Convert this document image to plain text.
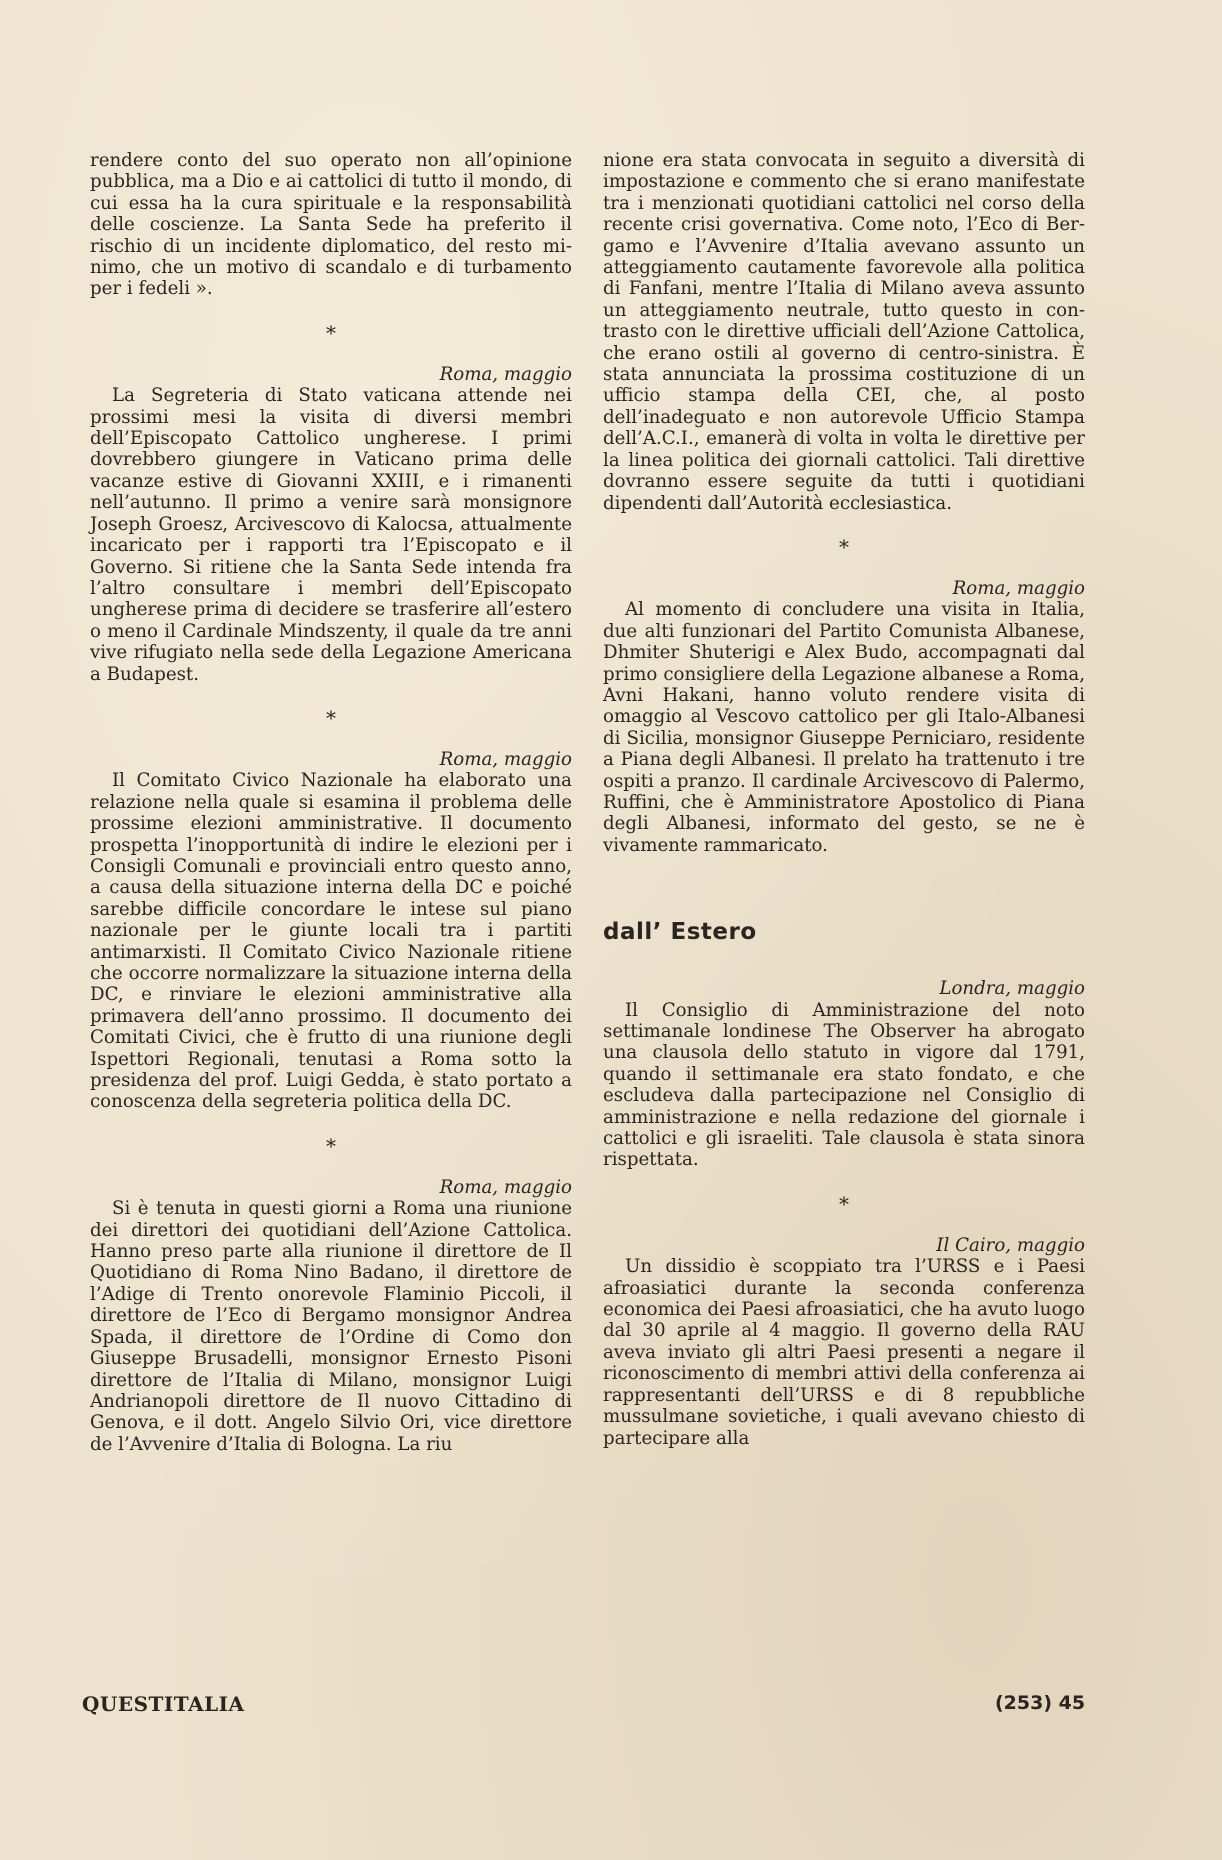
rendere conto del suo operato non all’opinione pubblica, ma a Dio e ai cattolici di tutto il mondo, di cui essa ha la cura spirituale e la responsabilità delle coscienze. La Santa Sede ha preferito il rischio di un incidente diplomatico, del resto minimo, che un motivo di scandalo e di turbamento per i fedeli ».

*

Roma, maggio

La Segreteria di Stato vaticana attende nei prossimi mesi la visita di diversi membri dell’Episcopato Cattolico ungherese. I primi dovrebbero giungere in Vaticano prima delle vacanze estive di Giovanni XXIII, e i rimanenti nell’autunno. Il primo a venire sarà monsignore Joseph Groesz, Arcivescovo di Kalocsa, attualmente incaricato per i rapporti tra l’Episcopato e il Governo. Si ritiene che la Santa Sede intenda fra l’altro consultare i membri dell’Episcopato ungherese prima di decidere se trasferire all’estero o meno il Cardinale Mindszenty, il quale da tre anni vive rifugiato nella sede della Legazione Americana a Budapest.

*

Roma, maggio

Il Comitato Civico Nazionale ha elaborato una relazione nella quale si esamina il problema delle prossime elezioni amministrative. Il documento prospetta l’inopportunità di indire le elezioni per i Consigli Comunali e provinciali entro questo anno, a causa della situazione interna della DC e poiché sarebbe difficile concordare le intese sul piano nazionale per le giunte locali tra i partiti antimarxisti. Il Comitato Civico Nazionale ritiene che occorre normalizzare la situazione interna della DC, e rinviare le elezioni amministrative alla primavera dell’anno prossimo. Il documento dei Comitati Civici, che è frutto di una riunione degli Ispettori Regionali, tenutasi a Roma sotto la presidenza del prof. Luigi Gedda, è stato portato a conoscenza della segreteria politica della DC.

*

Roma, maggio

Si è tenuta in questi giorni a Roma una riunione dei direttori dei quotidiani dell’Azione Cattolica. Hanno preso parte alla riunione il direttore de Il Quotidiano di Roma Nino Badano, il direttore de l’Adige di Trento onorevole Flaminio Piccoli, il direttore de l’Eco di Bergamo monsignor Andrea Spada, il direttore de l’Ordine di Como don Giuseppe Brusadelli, monsignor Ernesto Pisoni direttore de l’Italia di Milano, monsignor Luigi Andrianopoli direttore de Il nuovo Cittadino di Genova, e il dott. Angelo Silvio Ori, vice direttore de l’Avvenire d’Italia di Bologna. La riu

nione era stata convocata in seguito a diversità di impostazione e commento che si erano manifestate tra i menzionati quotidiani cattolici nel corso della recente crisi governativa. Come noto, l’Eco di Bergamo e l’Avvenire d’Italia avevano assunto un atteggiamento cautamente favorevole alla politica di Fanfani, mentre l’Italia di Milano aveva assunto un atteggiamento neutrale, tutto questo in contrasto con le direttive ufficiali dell’Azione Cattolica, che erano ostili al governo di centro-sinistra. È stata annunciata la prossima costituzione di un ufficio stampa della CEI, che, al posto dell’inadeguato e non autorevole Ufficio Stampa dell’A.C.I., emanerà di volta in volta le direttive per la linea politica dei giornali cattolici. Tali direttive dovranno essere seguite da tutti i quotidiani dipendenti dall’Autorità ecclesiastica.

*

Roma, maggio

Al momento di concludere una visita in Italia, due alti funzionari del Partito Comunista Albanese, Dhmiter Shuterigi e Alex Budo, accompagnati dal primo consigliere della Legazione albanese a Roma, Avni Hakani, hanno voluto rendere visita di omaggio al Vescovo cattolico per gli Italo-Albanesi di Sicilia, monsignor Giuseppe Perniciaro, residente a Piana degli Albanesi. Il prelato ha trattenuto i tre ospiti a pranzo. Il cardinale Arcivescovo di Palermo, Ruffini, che è Amministratore Apostolico di Piana degli Albanesi, informato del gesto, se ne è vivamente rammaricato.

dall’ Estero

Londra, maggio

Il Consiglio di Amministrazione del noto settimanale londinese The Observer ha abrogato una clausola dello statuto in vigore dal 1791, quando il settimanale era stato fondato, e che escludeva dalla partecipazione nel Consiglio di amministrazione e nella redazione del giornale i cattolici e gli israeliti. Tale clausola è stata sinora rispettata.

*

Il Cairo, maggio

Un dissidio è scoppiato tra l’URSS e i Paesi afroasiatici durante la seconda conferenza economica dei Paesi afroasiatici, che ha avuto luogo dal 30 aprile al 4 maggio. Il governo della RAU aveva inviato gli altri Paesi presenti a negare il riconoscimento di membri attivi della conferenza ai rappresentanti dell’URSS e di 8 repubbliche mussulmane sovietiche, i quali avevano chiesto di partecipare alla

QUESTITALIA	(253) 45
